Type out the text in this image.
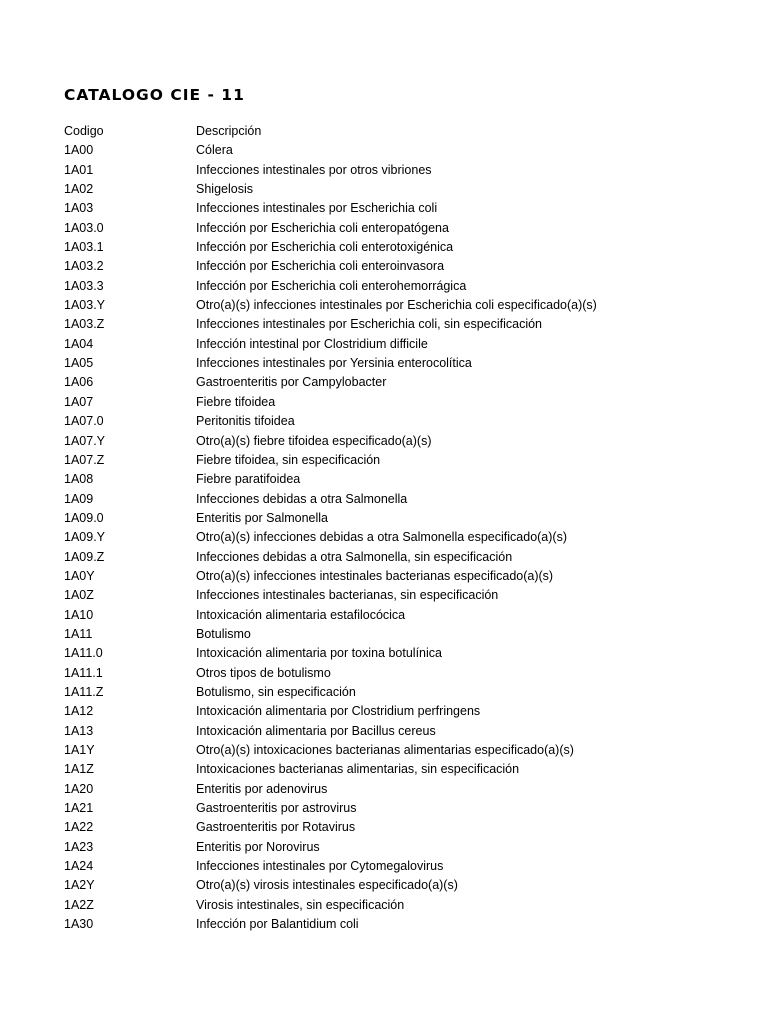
CATALOGO CIE - 11
Codigo	Descripción
1A00	Cólera
1A01	Infecciones intestinales por otros vibriones
1A02	Shigelosis
1A03	Infecciones intestinales por Escherichia coli
1A03.0	Infección por Escherichia coli enteropatógena
1A03.1	Infección por Escherichia coli enterotoxigénica
1A03.2	Infección por Escherichia coli enteroinvasora
1A03.3	Infección por Escherichia coli enterohemorrágica
1A03.Y	Otro(a)(s) infecciones intestinales por Escherichia coli especificado(a)(s)
1A03.Z	Infecciones intestinales por Escherichia coli, sin especificación
1A04	Infección intestinal por Clostridium difficile
1A05	Infecciones intestinales por Yersinia enterocolítica
1A06	Gastroenteritis por Campylobacter
1A07	Fiebre tifoidea
1A07.0	Peritonitis tifoidea
1A07.Y	Otro(a)(s) fiebre tifoidea especificado(a)(s)
1A07.Z	Fiebre tifoidea, sin especificación
1A08	Fiebre paratifoidea
1A09	Infecciones debidas a otra Salmonella
1A09.0	Enteritis por Salmonella
1A09.Y	Otro(a)(s) infecciones debidas a otra Salmonella especificado(a)(s)
1A09.Z	Infecciones debidas a otra Salmonella, sin especificación
1A0Y	Otro(a)(s) infecciones intestinales bacterianas especificado(a)(s)
1A0Z	Infecciones intestinales bacterianas, sin especificación
1A10	Intoxicación alimentaria estafilocócica
1A11	Botulismo
1A11.0	Intoxicación alimentaria por toxina botulínica
1A11.1	Otros tipos de botulismo
1A11.Z	Botulismo, sin especificación
1A12	Intoxicación alimentaria por Clostridium perfringens
1A13	Intoxicación alimentaria por Bacillus cereus
1A1Y	Otro(a)(s) intoxicaciones bacterianas alimentarias especificado(a)(s)
1A1Z	Intoxicaciones bacterianas alimentarias, sin especificación
1A20	Enteritis por adenovirus
1A21	Gastroenteritis por astrovirus
1A22	Gastroenteritis por Rotavirus
1A23	Enteritis por Norovirus
1A24	Infecciones intestinales por Cytomegalovirus
1A2Y	Otro(a)(s) virosis intestinales especificado(a)(s)
1A2Z	Virosis intestinales, sin especificación
1A30	Infección por Balantidium coli
